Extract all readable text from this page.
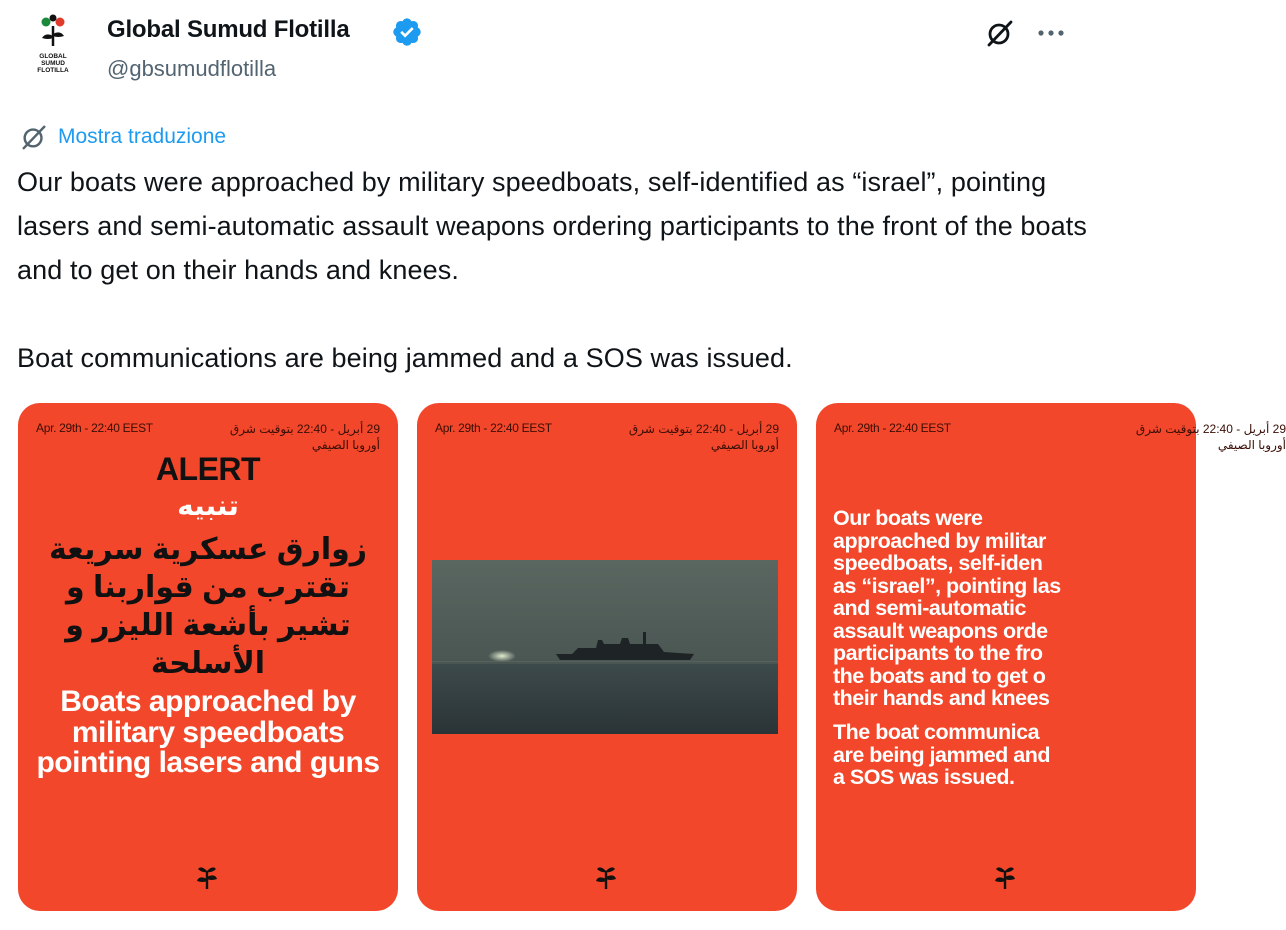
GLOBAL
SUMUD
FLOTILLA
Global Sumud Flotilla
@gbsumudflotilla
Mostra traduzione

Our boats were approached by military speedboats, self-identified as “israel”, pointing lasers and semi-automatic assault weapons ordering participants to the front of the boats and to get on their hands and knees.

Boat communications are being jammed and a SOS was issued.

Apr. 29th - 22:40 EEST	29 أبريل - 22:40 بتوقيت شرق أوروبا الصيفي
ALERT
تنبيه
زوارق عسكرية سريعة تقترب من قواربنا و تشير بأشعة الليزر و الأسلحة
Boats approached by military speedboats pointing lasers and guns
Apr. 29th - 22:40 EEST	29 أبريل - 22:40 بتوقيت شرق أوروبا الصيفي
Apr. 29th - 22:40 EEST	29 أبريل - 22:40 بتوقيت شرق أوروبا الصيفي
Our boats were
approached by militar
speedboats, self-iden
as “israel”, pointing las
and semi-automatic
assault weapons orde
participants to the fro
the boats and to get o
their hands and knees
The boat communica
are being jammed and
a SOS was issued.
